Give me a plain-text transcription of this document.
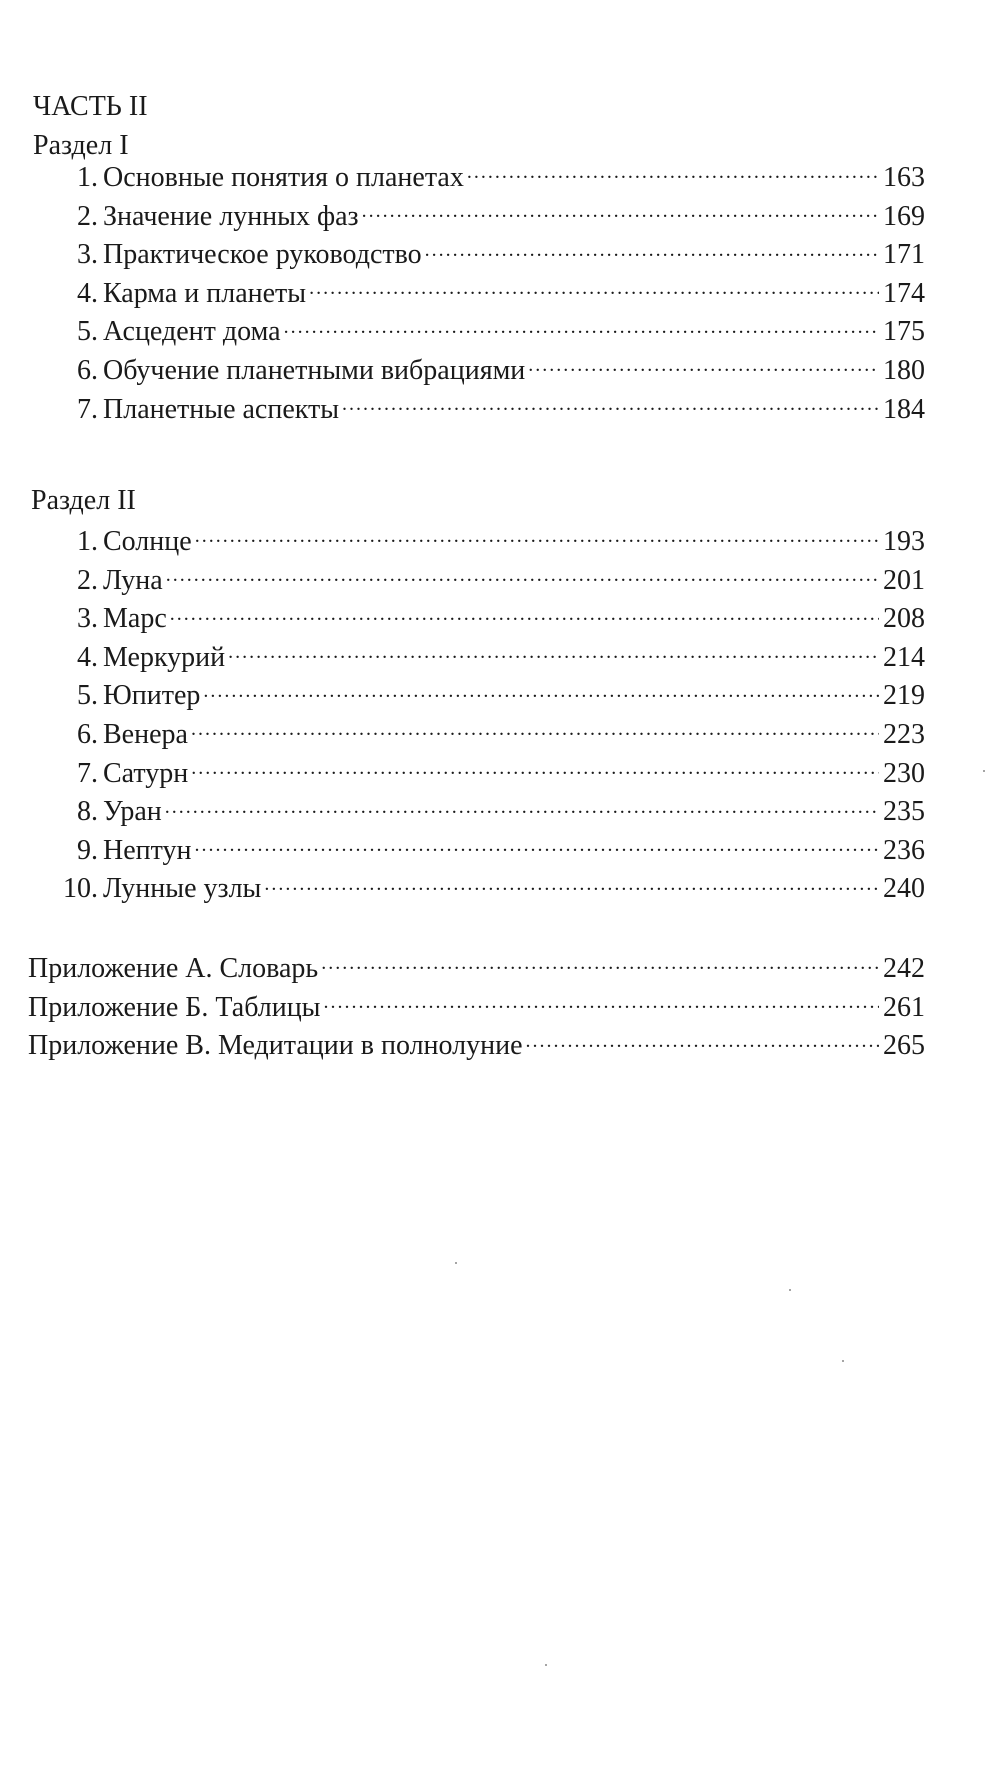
ЧАСТЬ II
Раздел I
1. Основные понятия о планетах . . .	163
2. Значение лунных фаз . . .	169
3. Практическое руководство . . .	171
4. Карма и планеты . . .	174
5. Асцедент дома . . .	175
6. Обучение планетными вибрациями . . .	180
7. Планетные аспекты . . .	184
Раздел II
1. Солнце . . .	193
2. Луна . . .	201
3. Марс . . .	208
4. Меркурий . . .	214
5. Юпитер . . .	219
6. Венера . . .	223
7. Сатурн . . .	230
8. Уран . . .	235
9. Нептун . . .	236
10. Лунные узлы . . .	240
Приложение А. Словарь . . .	242
Приложение Б. Таблицы . . .	261
Приложение В. Медитации в полнолуние . . .	265
